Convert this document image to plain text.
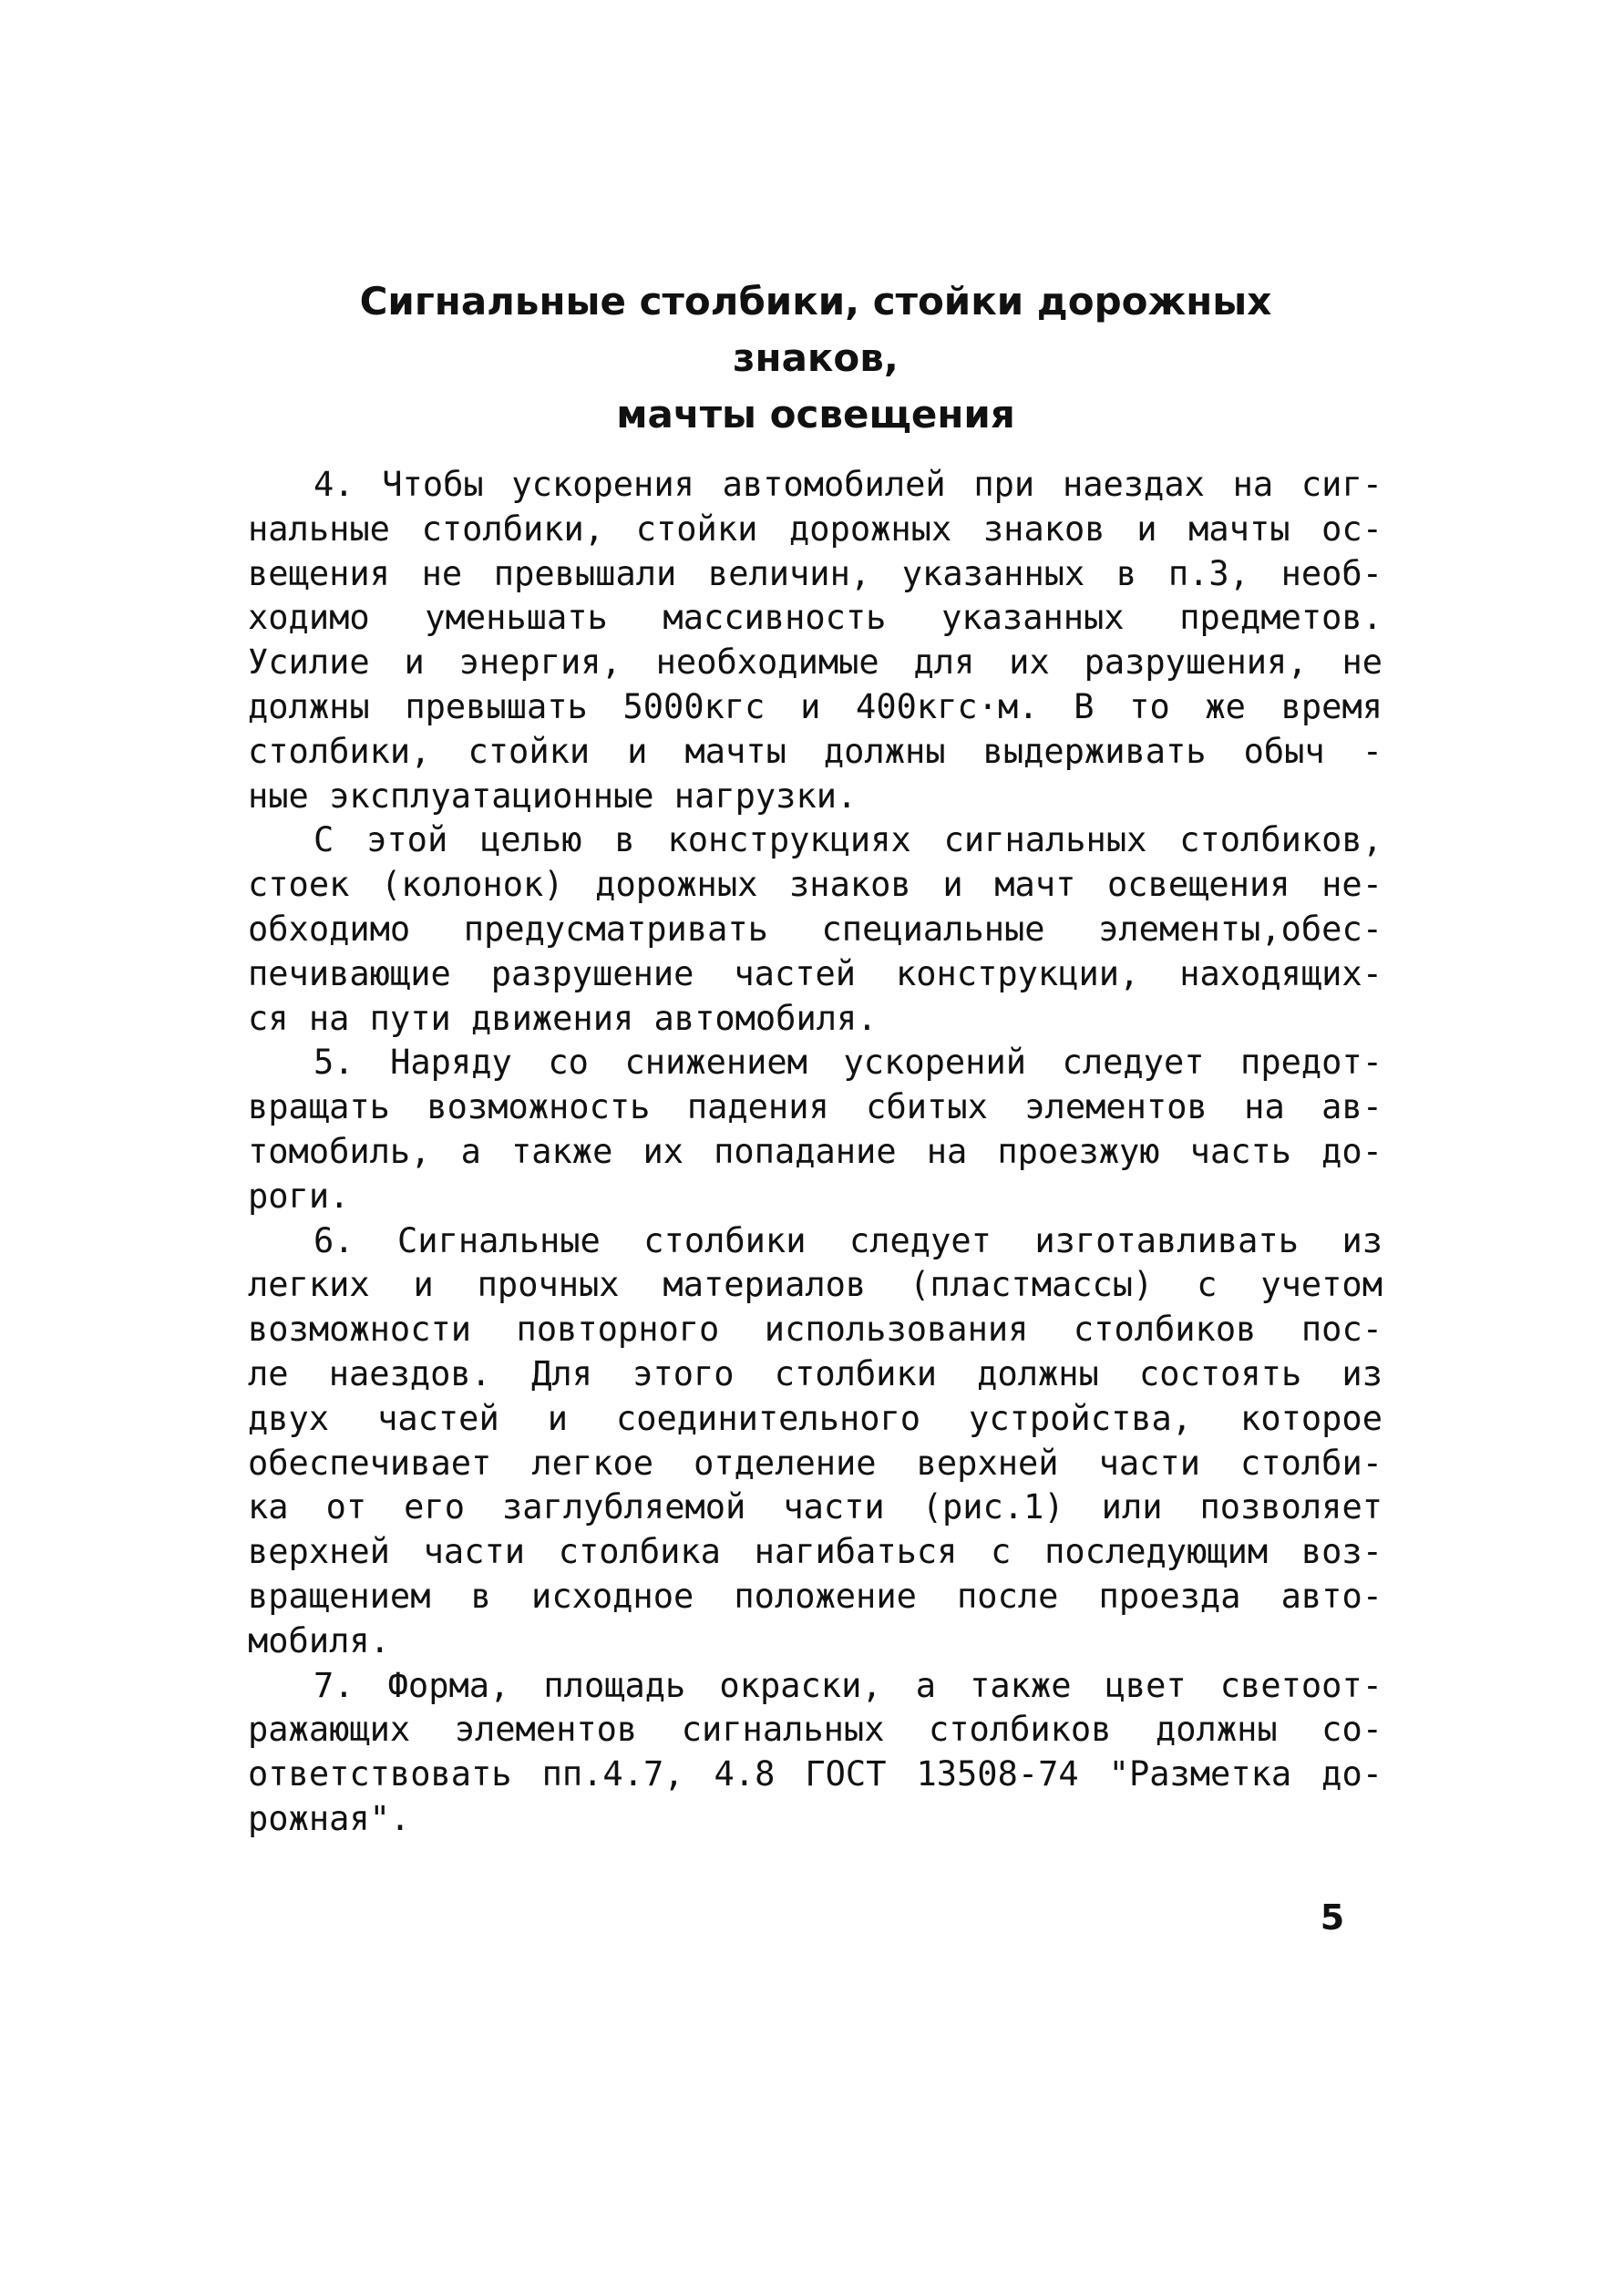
Сигнальные столбики, стойки дорожных знаков,
мачты освещения
4. Чтобы ускорения автомобилей при наездах на сиг-
нальные столбики, стойки дорожных знаков и мачты ос-
вещения не превышали величин, указанных в п.3, необ-
ходимо уменьшать массивность указанных предметов.
Усилие и энергия, необходимые для их разрушения, не
должны превышать 5000кгс и 400кгс·м. В то же время
столбики, стойки и мачты должны выдерживать обыч -
ные эксплуатационные нагрузки.
С этой целью в конструкциях сигнальных столбиков,
стоек (колонок) дорожных знаков и мачт освещения не-
обходимо предусматривать специальные элементы,обес-
печивающие разрушение частей конструкции, находящих-
ся на пути движения автомобиля.
5. Наряду со снижением ускорений следует предот-
вращать возможность падения сбитых элементов на ав-
томобиль, а также их попадание на проезжую часть до-
роги.
6. Сигнальные столбики следует изготавливать из
легких и прочных материалов (пластмассы) с учетом
возможности повторного использования столбиков пос-
ле наездов. Для этого столбики должны состоять из
двух частей и соединительного устройства, которое
обеспечивает легкое отделение верхней части столби-
ка от его заглубляемой части (рис.1) или позволяет
верхней части столбика нагибаться с последующим воз-
вращением в исходное положение после проезда авто-
мобиля.
7. Форма, площадь окраски, а также цвет светоот-
ражающих элементов сигнальных столбиков должны со-
ответствовать пп.4.7, 4.8 ГОСТ 13508-74 "Разметка до-
рожная".
5
